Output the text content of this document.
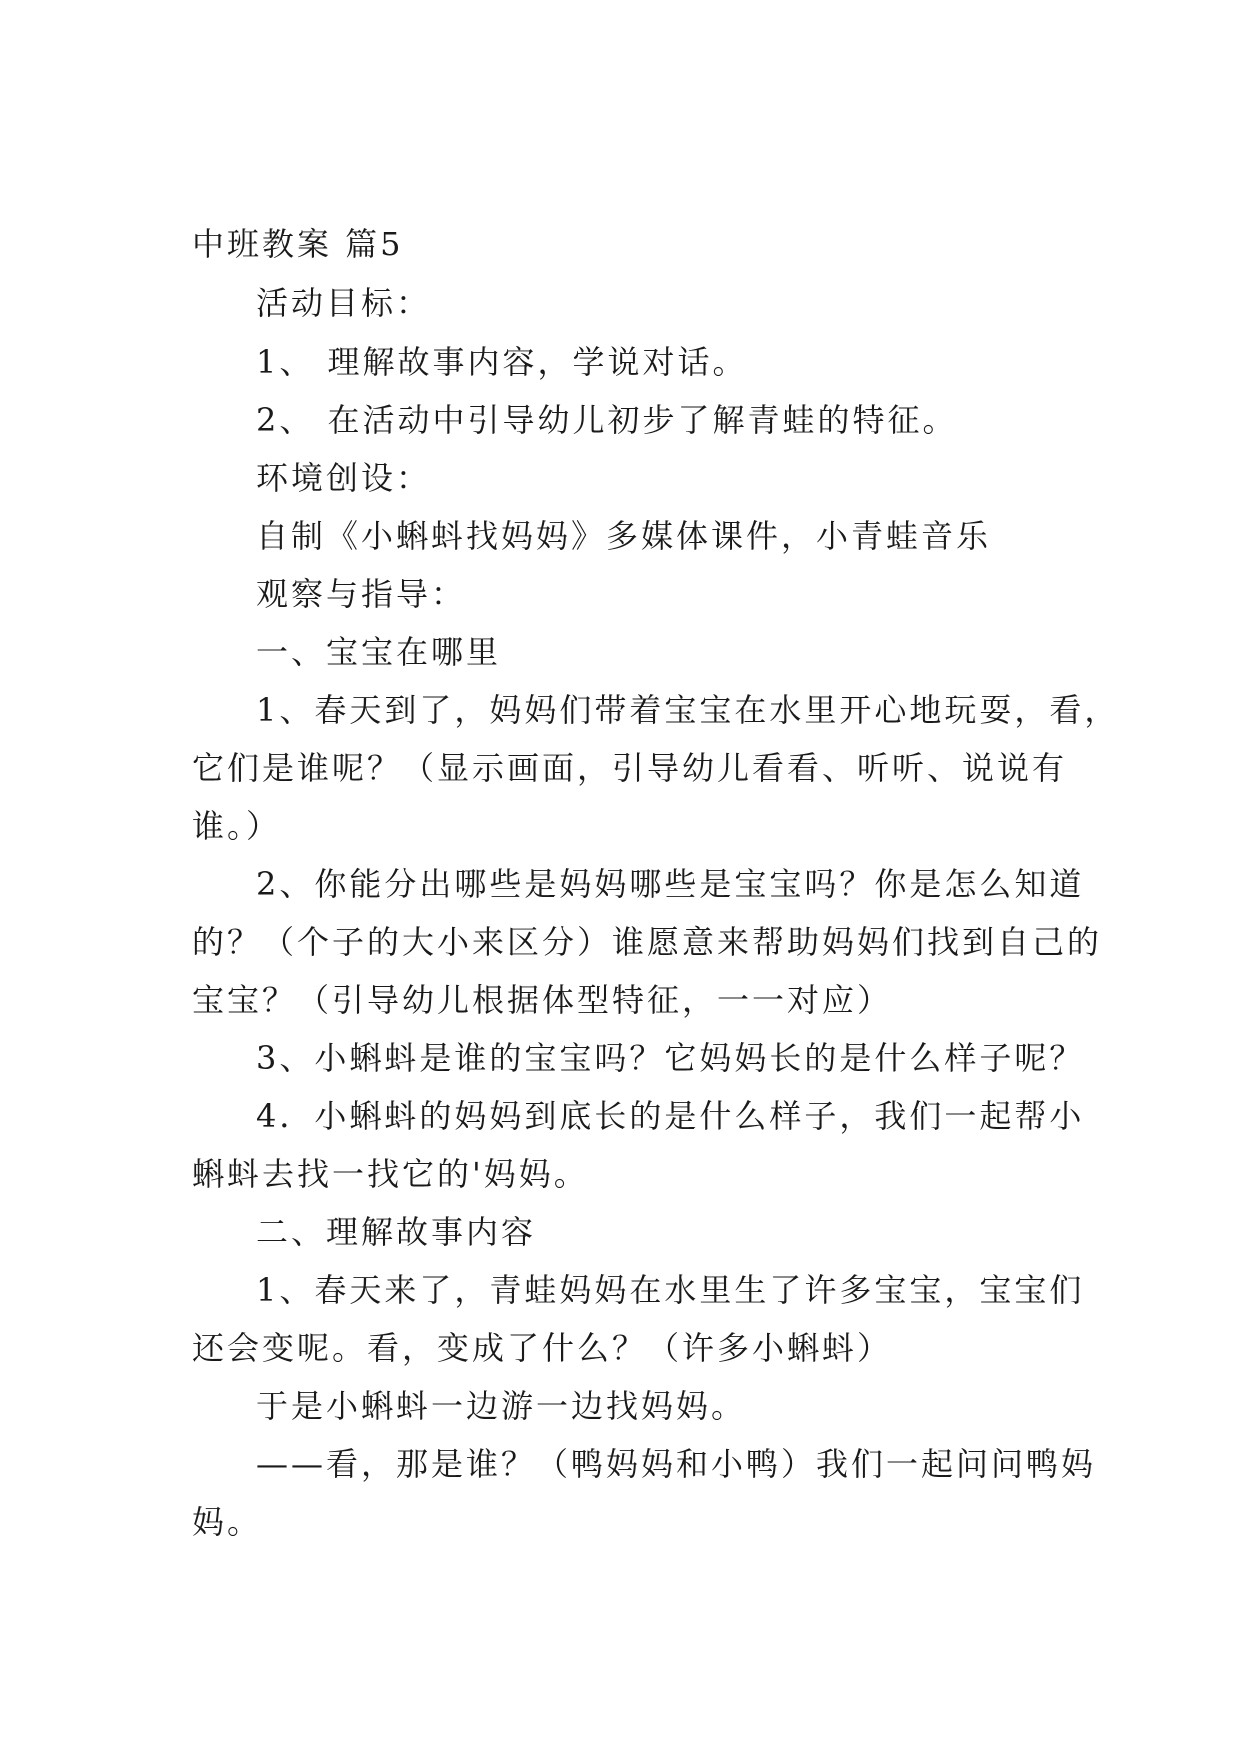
中班教案 篇5
活动目标：
1、 理解故事内容，学说对话。
2、 在活动中引导幼儿初步了解青蛙的特征。
环境创设：
自制《小蝌蚪找妈妈》多媒体课件，小青蛙音乐
观察与指导：
一、宝宝在哪里
1、春天到了，妈妈们带着宝宝在水里开心地玩耍，看，
它们是谁呢？（显示画面，引导幼儿看看、听听、说说有
谁。）
2、你能分出哪些是妈妈哪些是宝宝吗？你是怎么知道
的？（个子的大小来区分）谁愿意来帮助妈妈们找到自己的
宝宝？（引导幼儿根据体型特征，一一对应）
3、小蝌蚪是谁的宝宝吗？它妈妈长的是什么样子呢？
4．小蝌蚪的妈妈到底长的是什么样子，我们一起帮小
蝌蚪去找一找它的'妈妈。
二、理解故事内容
1、春天来了，青蛙妈妈在水里生了许多宝宝，宝宝们
还会变呢。看，变成了什么？（许多小蝌蚪）
于是小蝌蚪一边游一边找妈妈。
——看，那是谁？（鸭妈妈和小鸭）我们一起问问鸭妈
妈。
